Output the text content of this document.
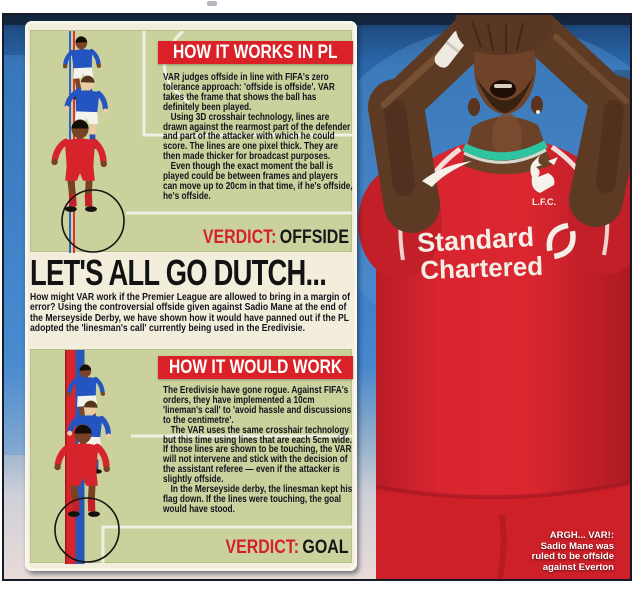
L.F.C.
Standard
Chartered
ARGH... VAR!:
Sadio Mane was
ruled to be offside
against Everton
HOW IT WORKS IN PL

VAR judges offside in line with FIFA's zero tolerance approach: 'offside is offside'. VAR takes the frame that shows the ball has definitely been played.

Using 3D crosshair technology, lines are drawn against the rearmost part of the defender and part of the attacker with which he could score. The lines are one pixel thick. They are then made thicker for broadcast purposes.

Even though the exact moment the ball is played could be between frames and players can move up to 20cm in that time, if he's offside, he's offside.

VERDICT: OFFSIDE
LET'S ALL GO DUTCH...
How might VAR work if the Premier League are allowed to bring in a margin of error? Using the controversial offside given against Sadio Mane at the end of the Merseyside Derby, we have shown how it would have panned out if the PL adopted the 'linesman's call' currently being used in the Eredivisie.
HOW IT WOULD WORK

The Eredivisie have gone rogue. Against FIFA's orders, they have implemented a 10cm 'lineman's call' to 'avoid hassle and discussions to the centimetre'.

The VAR uses the same crosshair technology but this time using lines that are each 5cm wide. If those lines are shown to be touching, the VAR will not intervene and stick with the decision of the assistant referee — even if the attacker is slightly offside.

In the Merseyside derby, the linesman kept his flag down. If the lines were touching, the goal would have stood.

VERDICT: GOAL
